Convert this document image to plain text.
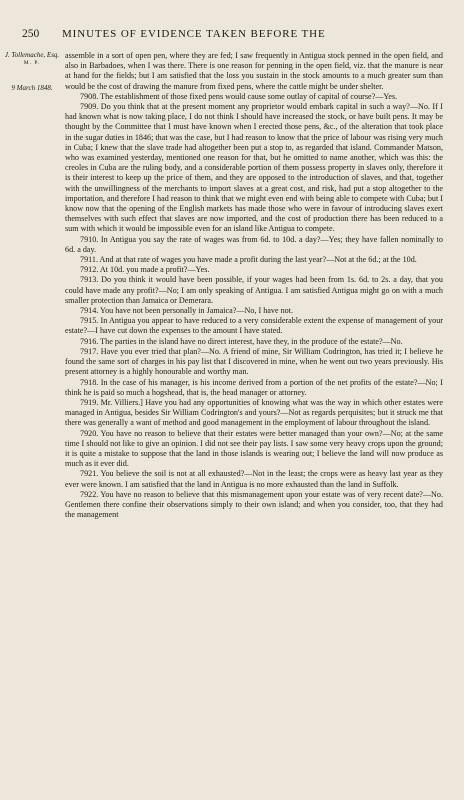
250 MINUTES OF EVIDENCE TAKEN BEFORE THE
J. Tollemache, Esq.
M. P.
9 March 1848.

assemble in a sort of open pen, where they are fed; I saw frequently in Antigua stock penned in the open field, and also in Barbadoes, when I was there. There is one reason for penning in the open field, viz. that the manure is near at hand for the fields; but I am satisfied that the loss you sustain in the stock amounts to a much greater sum than would be the cost of drawing the manure from fixed pens, where the cattle might be under shelter.

7908. The establishment of those fixed pens would cause some outlay of capital of course?—Yes.

7909. Do you think that at the present moment any proprietor would embark capital in such a way?—No. If I had known what is now taking place, I do not think I should have increased the stock, or have built pens. It may be thought by the Committee that I must have known when I erected those pens, &c., of the alteration that took place in the sugar duties in 1846; that was the case, but I had reason to know that the price of labour was rising very much in Cuba; I knew that the slave trade had altogether been put a stop to, as regarded that island. Commander Matson, who was examined yesterday, mentioned one reason for that, but he omitted to name another, which was this: the creoles in Cuba are the ruling body, and a considerable portion of them possess property in slaves only, therefore it is their interest to keep up the price of them, and they are opposed to the introduction of slaves, and that, together with the unwillingness of the merchants to import slaves at a great cost, and risk, had put a stop altogether to the importation, and therefore I had reason to think that we might even end with being able to compete with Cuba; but I know now that the opening of the English markets has made those who were in favour of introducing slaves exert themselves with such effect that slaves are now imported, and the cost of production there has been reduced to a sum with which it would be impossible even for an island like Antigua to compete.

7910. In Antigua you say the rate of wages was from 6d. to 10d. a day?—Yes; they have fallen nominally to 6d. a day.

7911. And at that rate of wages you have made a profit during the last year?—Not at the 6d.; at the 10d.

7912. At 10d. you made a profit?—Yes.

7913. Do you think it would have been possible, if your wages had been from 1s. 6d. to 2s. a day, that you could have made any profit?—No; I am only speaking of Antigua. I am satisfied Antigua might go on with a much smaller protection than Jamaica or Demerara.

7914. You have not been personally in Jamaica?—No, I have not.

7915. In Antigua you appear to have reduced to a very considerable extent the expense of management of your estate?—I have cut down the expenses to the amount I have stated.

7916. The parties in the island have no direct interest, have they, in the produce of the estate?—No.

7917. Have you ever tried that plan?—No. A friend of mine, Sir William Codrington, has tried it; I believe he found the same sort of charges in his pay list that I discovered in mine, when he went out two years previously. His present attorney is a highly honourable and worthy man.

7918. In the case of his manager, is his income derived from a portion of the net profits of the estate?—No; I think he is paid so much a hogshead, that is, the head manager or attorney.

7919. Mr. Villiers.] Have you had any opportunities of knowing what was the way in which other estates were managed in Antigua, besides Sir William Codrington's and yours?—Not as regards perquisites; but it struck me that there was generally a want of method and good management in the employment of labour throughout the island.

7920. You have no reason to believe that their estates were better managed than your own?—No; at the same time I should not like to give an opinion. I did not see their pay lists. I saw some very heavy crops upon the ground; it is quite a mistake to suppose that the land in those islands is wearing out; I believe the land will now produce as much as it ever did.

7921. You believe the soil is not at all exhausted?—Not in the least; the crops were as heavy last year as they ever were known. I am satisfied that the land in Antigua is no more exhausted than the land in Suffolk.

7922. You have no reason to believe that this mismanagement upon your estate was of very recent date?—No. Gentlemen there confine their observations simply to their own island; and when you consider, too, that they had the management
